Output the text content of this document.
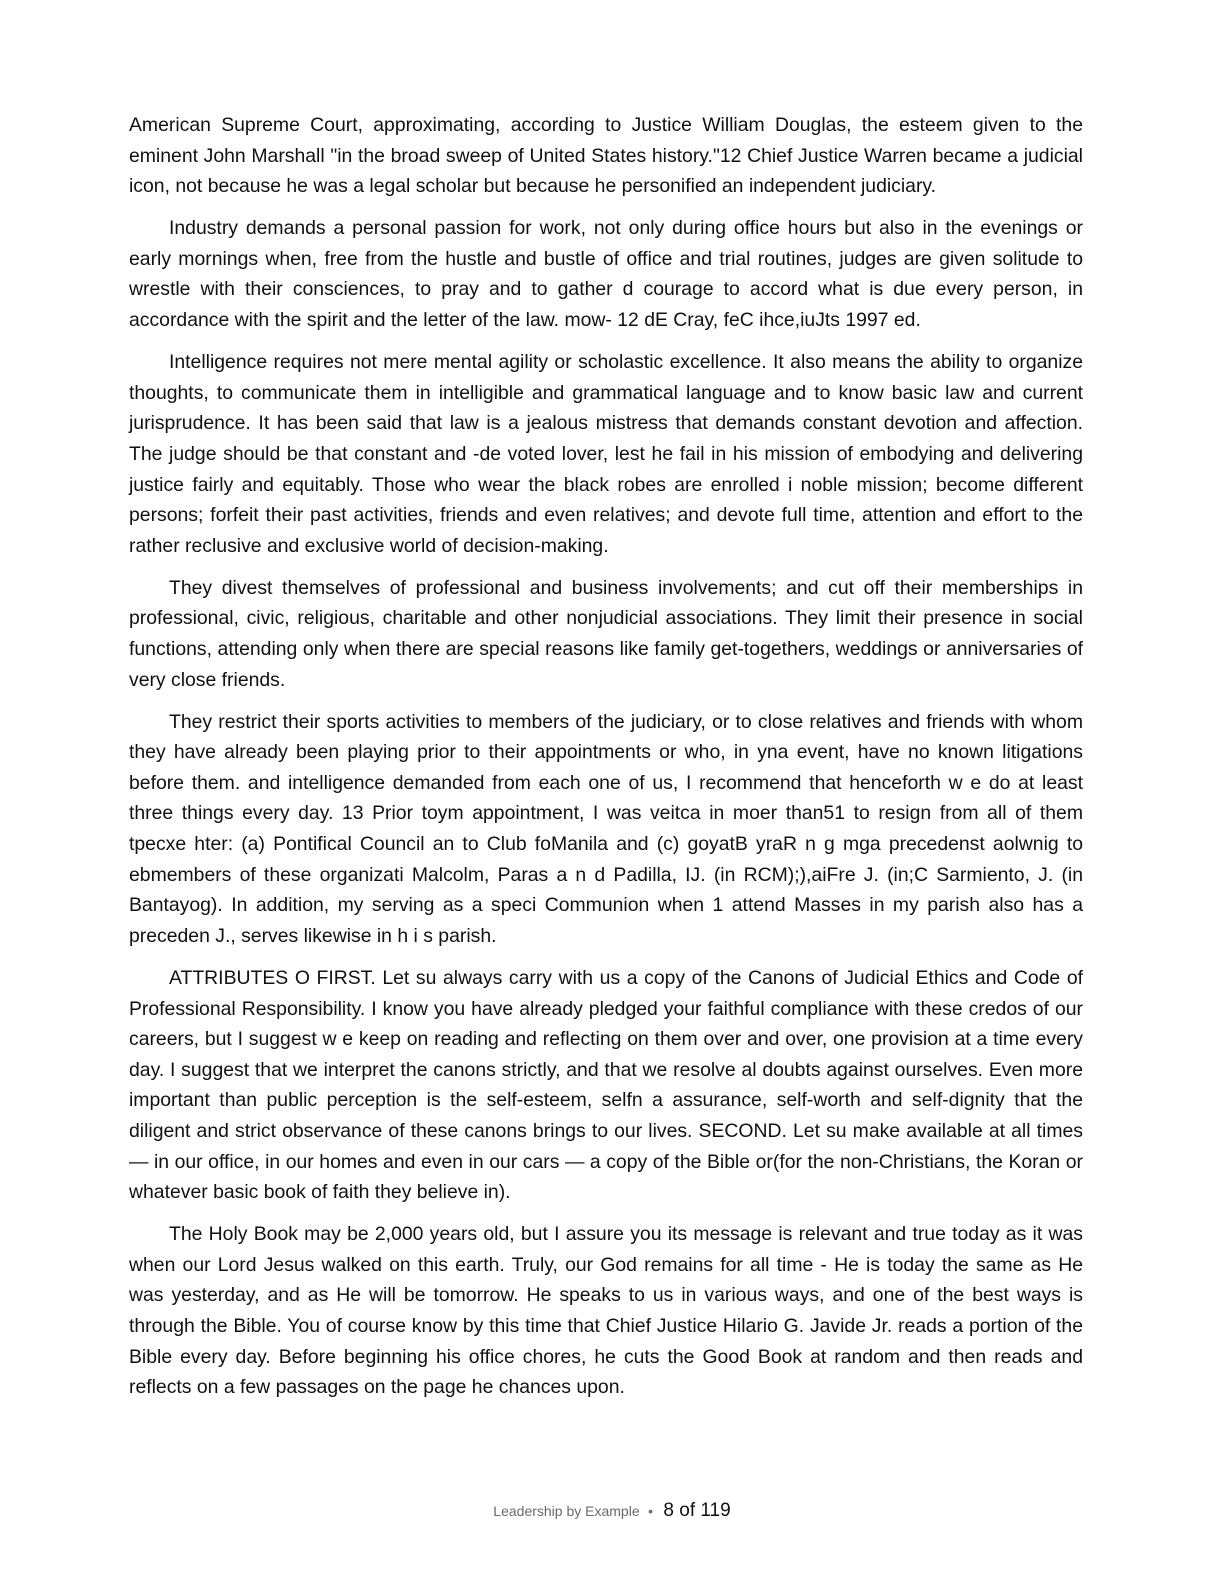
American Supreme Court, approximating, according to Justice William Douglas, the esteem given to the eminent John Marshall "in the broad sweep of United States history."12 Chief Justice Warren became a judicial icon, not because he was a legal scholar but because he personified an independent judiciary.

Industry demands a personal passion for work, not only during office hours but also in the evenings or early mornings when, free from the hustle and bustle of office and trial routines, judges are given solitude to wrestle with their consciences, to pray and to gather d courage to accord what is due every person, in accordance with the spirit and the letter of the law. mow- 12 dE Cray, feC ihce,iuJts 1997 ed.

Intelligence requires not mere mental agility or scholastic excellence. It also means the ability to organize thoughts, to communicate them in intelligible and grammatical language and to know basic law and current jurisprudence. It has been said that law is a jealous mistress that demands constant devotion and affection. The judge should be that constant and -de voted lover, lest he fail in his mission of embodying and delivering justice fairly and equitably. Those who wear the black robes are enrolled i noble mission; become different persons; forfeit their past activities, friends and even relatives; and devote full time, attention and effort to the rather reclusive and exclusive world of decision-making.

They divest themselves of professional and business involvements; and cut off their memberships in professional, civic, religious, charitable and other nonjudicial associations. They limit their presence in social functions, attending only when there are special reasons like family get-togethers, weddings or anniversaries of very close friends.

They restrict their sports activities to members of the judiciary, or to close relatives and friends with whom they have already been playing prior to their appointments or who, in yna event, have no known litigations before them. and intelligence demanded from each one of us, I recommend that henceforth w e do at least three things every day. 13 Prior toym appointment, I was veitca in moer than51 to resign from all of them tpecxe hter: (a) Pontifical Council an to Club foManila and (c) goyatB yraR n g mga precedenst aolwnig to ebmembers of these organizati Malcolm, Paras a n d Padilla, IJ. (in RCM);),aiFre J. (in;C Sarmiento, J. (in Bantayog). In addition, my serving as a speci Communion when 1 attend Masses in my parish also has a preceden J., serves likewise in h i s parish.

ATTRIBUTES O FIRST. Let su always carry with us a copy of the Canons of Judicial Ethics and Code of Professional Responsibility. I know you have already pledged your faithful compliance with these credos of our careers, but I suggest w e keep on reading and reflecting on them over and over, one provision at a time every day. I suggest that we interpret the canons strictly, and that we resolve al doubts against ourselves. Even more important than public perception is the self-esteem, selfn a assurance, self-worth and self-dignity that the diligent and strict observance of these canons brings to our lives. SECOND. Let su make available at all times — in our office, in our homes and even in our cars — a copy of the Bible or(for the non-Christians, the Koran or whatever basic book of faith they believe in).

The Holy Book may be 2,000 years old, but I assure you its message is relevant and true today as it was when our Lord Jesus walked on this earth. Truly, our God remains for all time - He is today the same as He was yesterday, and as He will be tomorrow. He speaks to us in various ways, and one of the best ways is through the Bible. You of course know by this time that Chief Justice Hilario G. Javide Jr. reads a portion of the Bible every day. Before beginning his office chores, he cuts the Good Book at random and then reads and reflects on a few passages on the page he chances upon.

Leadership by Example • 8 of 119
